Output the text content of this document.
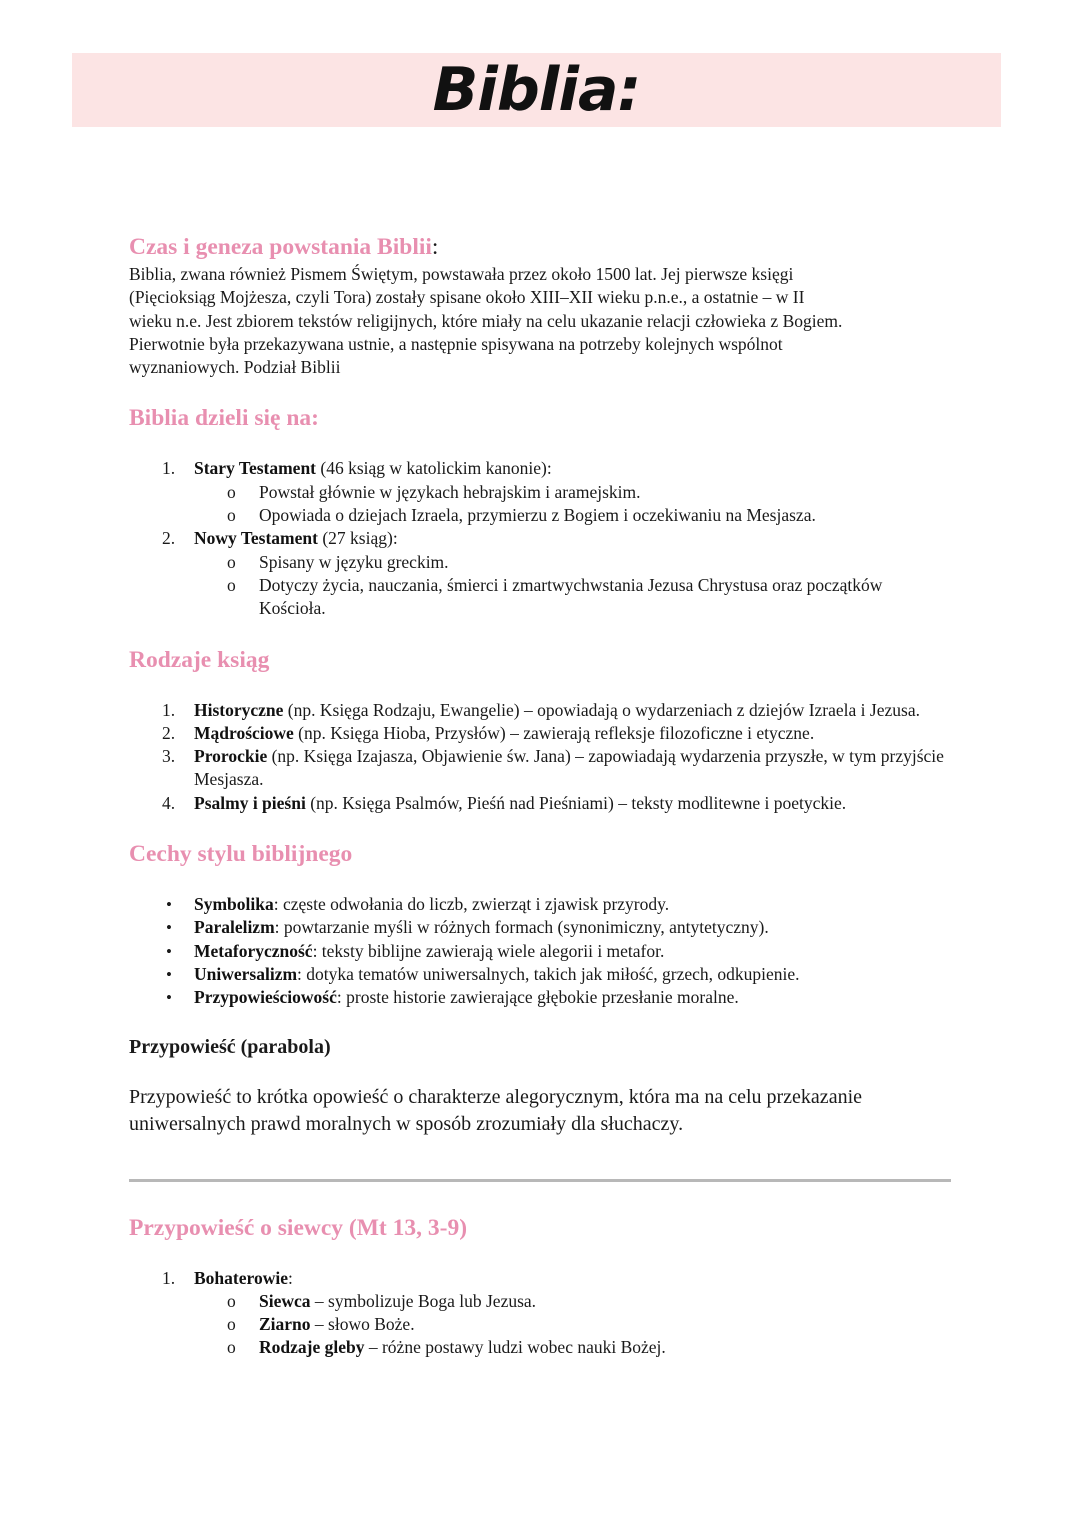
Biblia:
Czas i geneza powstania Biblii:

Biblia, zwana również Pismem Świętym, powstawała przez około 1500 lat. Jej pierwsze księgi
(Pięcioksiąg Mojżesza, czyli Tora) zostały spisane około XIII–XII wieku p.n.e., a ostatnie – w II
wieku n.e. Jest zbiorem tekstów religijnych, które miały na celu ukazanie relacji człowieka z Bogiem.
Pierwotnie była przekazywana ustnie, a następnie spisywana na potrzeby kolejnych wspólnot
wyznaniowych. Podział Biblii

Biblia dzieli się na:
1. Stary Testament (46 ksiąg w katolickim kanonie):
o Powstał głównie w językach hebrajskim i aramejskim.
o Opowiada o dziejach Izraela, przymierzu z Bogiem i oczekiwaniu na Mesjasza.
2. Nowy Testament (27 ksiąg):
o Spisany w języku greckim.
o Dotyczy życia, nauczania, śmierci i zmartwychwstania Jezusa Chrystusa oraz początków Kościoła.
Rodzaje ksiąg
1. Historyczne (np. Księga Rodzaju, Ewangelie) – opowiadają o wydarzeniach z dziejów Izraela i Jezusa.
2. Mądrościowe (np. Księga Hioba, Przysłów) – zawierają refleksje filozoficzne i etyczne.
3. Prorockie (np. Księga Izajasza, Objawienie św. Jana) – zapowiadają wydarzenia przyszłe, w tym przyjście Mesjasza.
4. Psalmy i pieśni (np. Księga Psalmów, Pieśń nad Pieśniami) – teksty modlitewne i poetyckie.
Cechy stylu biblijnego
• Symbolika: częste odwołania do liczb, zwierząt i zjawisk przyrody.
• Paralelizm: powtarzanie myśli w różnych formach (synonimiczny, antytetyczny).
• Metaforyczność: teksty biblijne zawierają wiele alegorii i metafor.
• Uniwersalizm: dotyka tematów uniwersalnych, takich jak miłość, grzech, odkupienie.
• Przypowieściowość: proste historie zawierające głębokie przesłanie moralne.
Przypowieść (parabola)

Przypowieść to krótka opowieść o charakterze alegorycznym, która ma na celu przekazanie uniwersalnych prawd moralnych w sposób zrozumiały dla słuchaczy.

Przypowieść o siewcy (Mt 13, 3-9)
1. Bohaterowie:
o Siewca – symbolizuje Boga lub Jezusa.
o Ziarno – słowo Boże.
o Rodzaje gleby – różne postawy ludzi wobec nauki Bożej.
